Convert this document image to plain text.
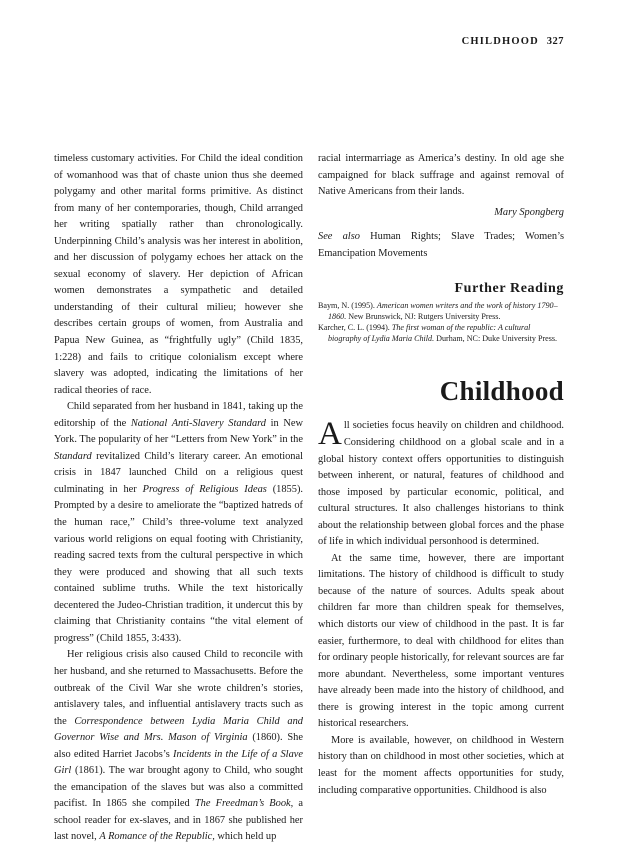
CHILDHOOD 327

timeless customary activities. For Child the ideal condition of womanhood was that of chaste union thus she deemed polygamy and other marital forms primitive. As distinct from many of her contemporaries, though, Child arranged her writing spatially rather than chronologically. Underpinning Child’s analysis was her interest in abolition, and her discussion of polygamy echoes her attack on the sexual economy of slavery. Her depiction of African women demonstrates a sympathetic and detailed understanding of their cultural milieu; however she describes certain groups of women, from Australia and Papua New Guinea, as “frightfully ugly” (Child 1835, 1:228) and fails to critique colonialism except where slavery was adopted, indicating the limitations of her radical theories of race.

Child separated from her husband in 1841, taking up the editorship of the National Anti-Slavery Standard in New York. The popularity of her “Letters from New York” in the Standard revitalized Child’s literary career. An emotional crisis in 1847 launched Child on a religious quest culminating in her Progress of Religious Ideas (1855). Prompted by a desire to ameliorate the “baptized hatreds of the human race,” Child’s three-volume text analyzed various world religions on equal footing with Christianity, reading sacred texts from the cultural perspective in which they were produced and showing that all such texts contained sublime truths. While the text historically decentered the Judeo-Christian tradition, it undercut this by claiming that Christianity contains “the vital element of progress” (Child 1855, 3:433).

Her religious crisis also caused Child to reconcile with her husband, and she returned to Massachusetts. Before the outbreak of the Civil War she wrote children’s stories, antislavery tales, and influential antislavery tracts such as the Correspondence between Lydia Maria Child and Governor Wise and Mrs. Mason of Virginia (1860). She also edited Harriet Jacobs’s Incidents in the Life of a Slave Girl (1861). The war brought agony to Child, who sought the emancipation of the slaves but was also a committed pacifist. In 1865 she compiled The Freedman’s Book, a school reader for ex-slaves, and in 1867 she published her last novel, A Romance of the Republic, which held up

racial intermarriage as America’s destiny. In old age she campaigned for black suffrage and against removal of Native Americans from their lands.

Mary Spongberg

See also Human Rights; Slave Trades; Women’s Emancipation Movements

Further Reading

Baym, N. (1995). American women writers and the work of history 1790–1860. New Brunswick, NJ: Rutgers University Press.

Karcher, C. L. (1994). The first woman of the republic: A cultural biography of Lydia Maria Child. Durham, NC: Duke University Press.

Childhood

All societies focus heavily on children and childhood. Considering childhood on a global scale and in a global history context offers opportunities to distinguish between inherent, or natural, features of childhood and those imposed by particular economic, political, and cultural structures. It also challenges historians to think about the relationship between global forces and the phase of life in which individual personhood is determined.

At the same time, however, there are important limitations. The history of childhood is difficult to study because of the nature of sources. Adults speak about children far more than children speak for themselves, which distorts our view of childhood in the past. It is far easier, furthermore, to deal with childhood for elites than for ordinary people historically, for relevant sources are far more abundant. Nevertheless, some important ventures have already been made into the history of childhood, and there is growing interest in the topic among current historical researchers.

More is available, however, on childhood in Western history than on childhood in most other societies, which at least for the moment affects opportunities for study, including comparative opportunities. Childhood is also
